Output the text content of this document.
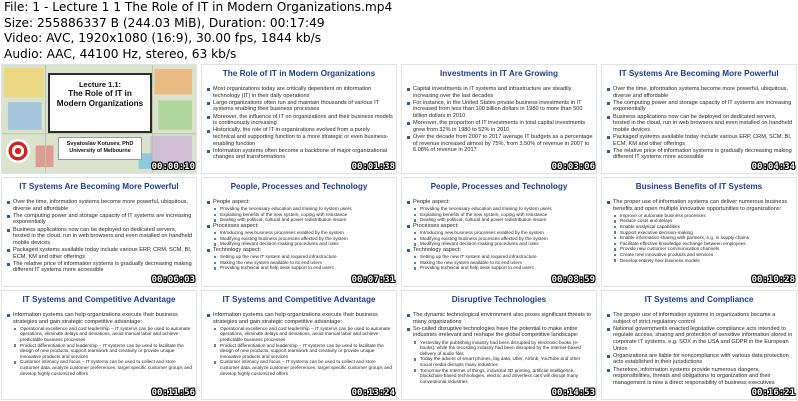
File: 1 - Lecture 1 1 The Role of IT in Modern Organizations.mp4
Size: 255886337 B (244.03 MiB), Duration: 00:17:49
Video: AVC, 1920x1080 (16:9), 30.00 fps, 1844 kb/s
Audio: AAC, 44100 Hz, stereo, 63 kb/s
Lecture 1.1:
The Role of IT in
Modern Organizations
Svyatoslav Kotusev, PhD
University of Melbourne
00:00:10
The Role of IT in Modern Organizations
Most organizations today are critically dependent on information technology (IT) in their daily operations
Large organizations often run and maintain thousands of various IT systems enabling their business processes
Moreover, the influence of IT on organizations and their business models is continuously increasing
Historically, the role of IT in organizations evolved from a purely technical and supporting function to a more strategic or even business-enabling function
Information systems often become a backbone of major organizational changes and transformations
00:01:38
Investments in IT Are Growing
Capital investments in IT systems and infrastructure are steadily increasing over the last decades
For instance, in the United States private business investments in IT increased from less than 100 billion dollars in 1980 to more than 500 billion dollars in 2010
Moreover, the proportion of IT investments in total capital investments grew from 32% in 1980 to 52% in 2010
Over the decade from 2007 to 2017 average IT budgets as a percentage of revenue increased almost by 75%, from 3.50% of revenue in 2007 to 6.08% of revenue in 2017
00:03:06
IT Systems Are Becoming More Powerful
Over the time, information systems become more powerful, ubiquitous, diverse and affordable
The computing power and storage capacity of IT systems are increasing exponentially
Business applications now can be deployed on dedicated servers, hosted in the cloud, run in web browsers and even installed on handheld mobile devices
Packaged systems available today include various ERP, CRM, SCM, BI, ECM, KM and other offerings
The relative price of information systems is gradually decreasing making different IT systems more accessible
00:04:34
IT Systems Are Becoming More Powerful
Over the time, information systems become more powerful, ubiquitous, diverse and affordable
The computing power and storage capacity of IT systems are increasing exponentially
Business applications now can be deployed on dedicated servers, hosted in the cloud, run in web browsers and even installed on handheld mobile devices
Packaged systems available today include various ERP, CRM, SCM, BI, ECM, KM and other offerings
The relative price of information systems is gradually decreasing making different IT systems more accessible
00:06:03
People, Processes and Technology
People aspect:
Providing the necessary education and training to system users
Explaining benefits of the new system, coping with resistance
Dealing with political, cultural and power redistribution issues
Processes aspect:
Introducing new business processes enabled by the system
Modifying existing business processes affected by the system
Modifying relevant decision-making procedures and rules
Technology aspect:
Setting up the new IT system and required infrastructure
Making the new system available to its end users
Providing technical and help desk support to end users
00:07:31
People, Processes and Technology
People aspect:
Providing the necessary education and training to system users
Explaining benefits of the new system, coping with resistance
Dealing with political, cultural and power redistribution issues
Processes aspect:
Introducing new business processes enabled by the system
Modifying existing business processes affected by the system
Modifying relevant decision-making procedures and rules
Technology aspect:
Setting up the new IT system and required infrastructure
Making the new system available to its end users
Providing technical and help desk support to end users
00:08:59
Business Benefits of IT Systems
The proper use of information systems can deliver numerous business benefits and open multiple innovative opportunities to organizations:
Improve or automate business processes
Reduce costs and delays
Enable analytical capabilities
Support executive decision-making
Enable information sharing with partners, e.g. in supply chains
Facilitate effective knowledge exchange between employees
Provide new customer communication channels
Create new innovative products and services
Develop entirely new business models
00:10:28
IT Systems and Competitive Advantage
Information systems can help organizations execute their business strategies and gain strategic competitive advantage:
Operational excellence and cost leadership – IT systems can be used to automate operations, eliminate delays and deviations, avoid manual labor and achieve predictable business processes
Product differentiation and leadership – IT systems can be used to facilitate the design of new products, support teamwork and creativity or provide unique innovative products and services
Customer intimacy and focus – IT systems can be used to collect and store customer data, analyze customer preferences, target specific customer groups and develop highly customized offers
00:11:56
IT Systems and Competitive Advantage
Information systems can help organizations execute their business strategies and gain strategic competitive advantage:
Operational excellence and cost leadership – IT systems can be used to automate operations, eliminate delays and deviations, avoid manual labor and achieve predictable business processes
Product differentiation and leadership – IT systems can be used to facilitate the design of new products, support teamwork and creativity or provide unique innovative products and services
Customer intimacy and focus – IT systems can be used to collect and store customer data, analyze customer preferences, target specific customer groups and develop highly customized offers
00:13:24
Disruptive Technologies
The dynamic technological environment also poses significant threats to many organizations
So-called disruptive technologies have the potential to make entire industries irrelevant and reshape the global competitive landscape:
Yesterday the publishing industry had been disrupted by electronic books (e-books), while the recording industry had been disrupted by the Internet-based delivery of audio files
Today the advent of smart phones, big data, Uber, Airbnb, YouTube and other social media disrupts many industries
Tomorrow the Internet of things, industrial 3D printing, artificial intelligence, blockchain-based technologies, electric and driverless cars will disrupt many conventional industries
00:14:53
IT Systems and Compliance
The proper use of information systems in organizations became a subject of strict regulatory control
National governments enacted legislative compliance acts intended to regulate access, sharing and protection of sensitive information stored in corporate IT systems, e.g. SOX in the USA and GDPR in the European Union
Organizations are liable for noncompliance with various data protection acts established in their jurisdictions
Therefore, information systems provide numerous dangers, responsibilities, threats and obligations to organization and their management is now a direct responsibility of business executives
00:16:21
